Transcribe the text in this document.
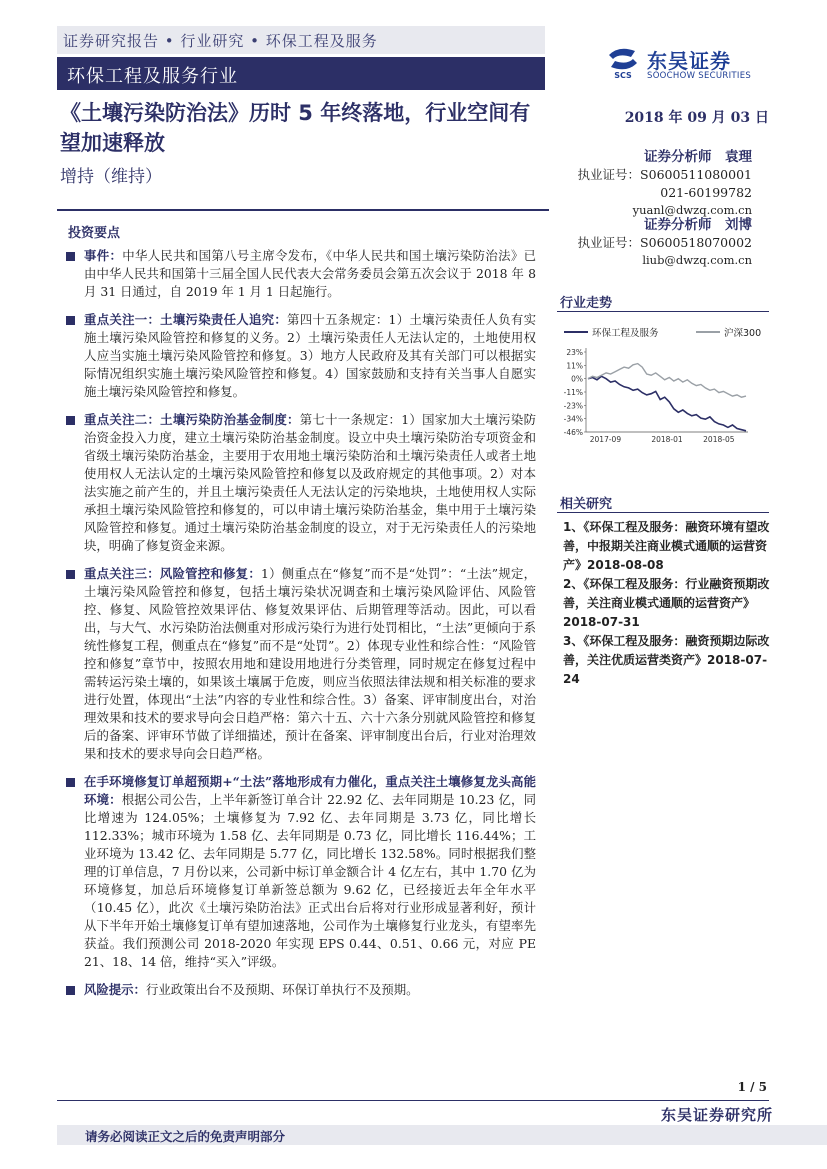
证券研究报告 • 行业研究 • 环保工程及服务
环保工程及服务行业	SCS
东吴证券
SOOCHOW SECURITIES
《土壤污染防治法》历时 5 年终落地，行业空间有望加速释放
增持（维持）
2018 年 09 月 03 日
证券分析师　袁理
执业证号：S0600511080001
021-60199782
yuanl@dwzq.com.cn
证券分析师　刘博
执业证号：S0600518070002
liub@dwzq.com.cn
投资要点
事件：中华人民共和国第八号主席令发布，《中华人民共和国土壤污染防治法》已由中华人民共和国第十三届全国人民代表大会常务委员会第五次会议于 2018 年 8 月 31 日通过，自 2019 年 1 月 1 日起施行。
重点关注一：土壤污染责任人追究：第四十五条规定：1）土壤污染责任人负有实施土壤污染风险管控和修复的义务。2）土壤污染责任人无法认定的，土地使用权人应当实施土壤污染风险管控和修复。3）地方人民政府及其有关部门可以根据实际情况组织实施土壤污染风险管控和修复。4）国家鼓励和支持有关当事人自愿实施土壤污染风险管控和修复。
重点关注二：土壤污染防治基金制度：第七十一条规定：1）国家加大土壤污染防治资金投入力度，建立土壤污染防治基金制度。设立中央土壤污染防治专项资金和省级土壤污染防治基金，主要用于农用地土壤污染防治和土壤污染责任人或者土地使用权人无法认定的土壤污染风险管控和修复以及政府规定的其他事项。2）对本法实施之前产生的，并且土壤污染责任人无法认定的污染地块，土地使用权人实际承担土壤污染风险管控和修复的，可以申请土壤污染防治基金，集中用于土壤污染风险管控和修复。通过土壤污染防治基金制度的设立，对于无污染责任人的污染地块，明确了修复资金来源。
重点关注三：风险管控和修复：1）侧重点在“修复”而不是“处罚”：“土法”规定，土壤污染风险管控和修复，包括土壤污染状况调查和土壤污染风险评估、风险管控、修复、风险管控效果评估、修复效果评估、后期管理等活动。因此，可以看出，与大气、水污染防治法侧重对形成污染行为进行处罚相比，“土法”更倾向于系统性修复工程，侧重点在“修复”而不是“处罚”。2）体现专业性和综合性：“风险管控和修复”章节中，按照农用地和建设用地进行分类管理，同时规定在修复过程中需转运污染土壤的，如果该土壤属于危废，则应当依照法律法规和相关标准的要求进行处置，体现出“土法”内容的专业性和综合性。3）备案、评审制度出台，对治理效果和技术的要求导向会日趋严格：第六十五、六十六条分别就风险管控和修复后的备案、评审环节做了详细描述，预计在备案、评审制度出台后，行业对治理效果和技术的要求导向会日趋严格。
在手环境修复订单超预期+“土法”落地形成有力催化，重点关注土壤修复龙头高能环境：根据公司公告，上半年新签订单合计 22.92 亿、去年同期是 10.23 亿，同比增速为 124.05%；土壤修复为 7.92 亿、去年同期是 3.73 亿，同比增长 112.33%；城市环境为 1.58 亿、去年同期是 0.73 亿，同比增长 116.44%；工业环境为 13.42 亿、去年同期是 5.77 亿，同比增长 132.58%。同时根据我们整理的订单信息，7 月份以来，公司新中标订单金额合计 4 亿左右，其中 1.70 亿为环境修复，加总后环境修复订单新签总额为 9.62 亿，已经接近去年全年水平（10.45 亿），此次《土壤污染防治法》正式出台后将对行业形成显著利好，预计从下半年开始土壤修复订单有望加速落地，公司作为土壤修复行业龙头，有望率先获益。我们预测公司 2018-2020 年实现 EPS 0.44、0.51、0.66 元，对应 PE 21、18、14 倍，维持“买入”评级。
风险提示：行业政策出台不及预期、环保订单执行不及预期。
行业走势
环保工程及服务	沪深300
23%
11%
0%
-11%
-23%
-34%
-46%
2017-09	2018-01	2018-05
相关研究
1、《环保工程及服务：融资环境有望改善，中报期关注商业模式通顺的运营资产》2018-08-08
2、《环保工程及服务：行业融资预期改善，关注商业模式通顺的运营资产》2018-07-31
3、《环保工程及服务：融资预期边际改善，关注优质运营类资产》2018-07-24
1 / 5
东吴证券研究所
请务必阅读正文之后的免责声明部分
